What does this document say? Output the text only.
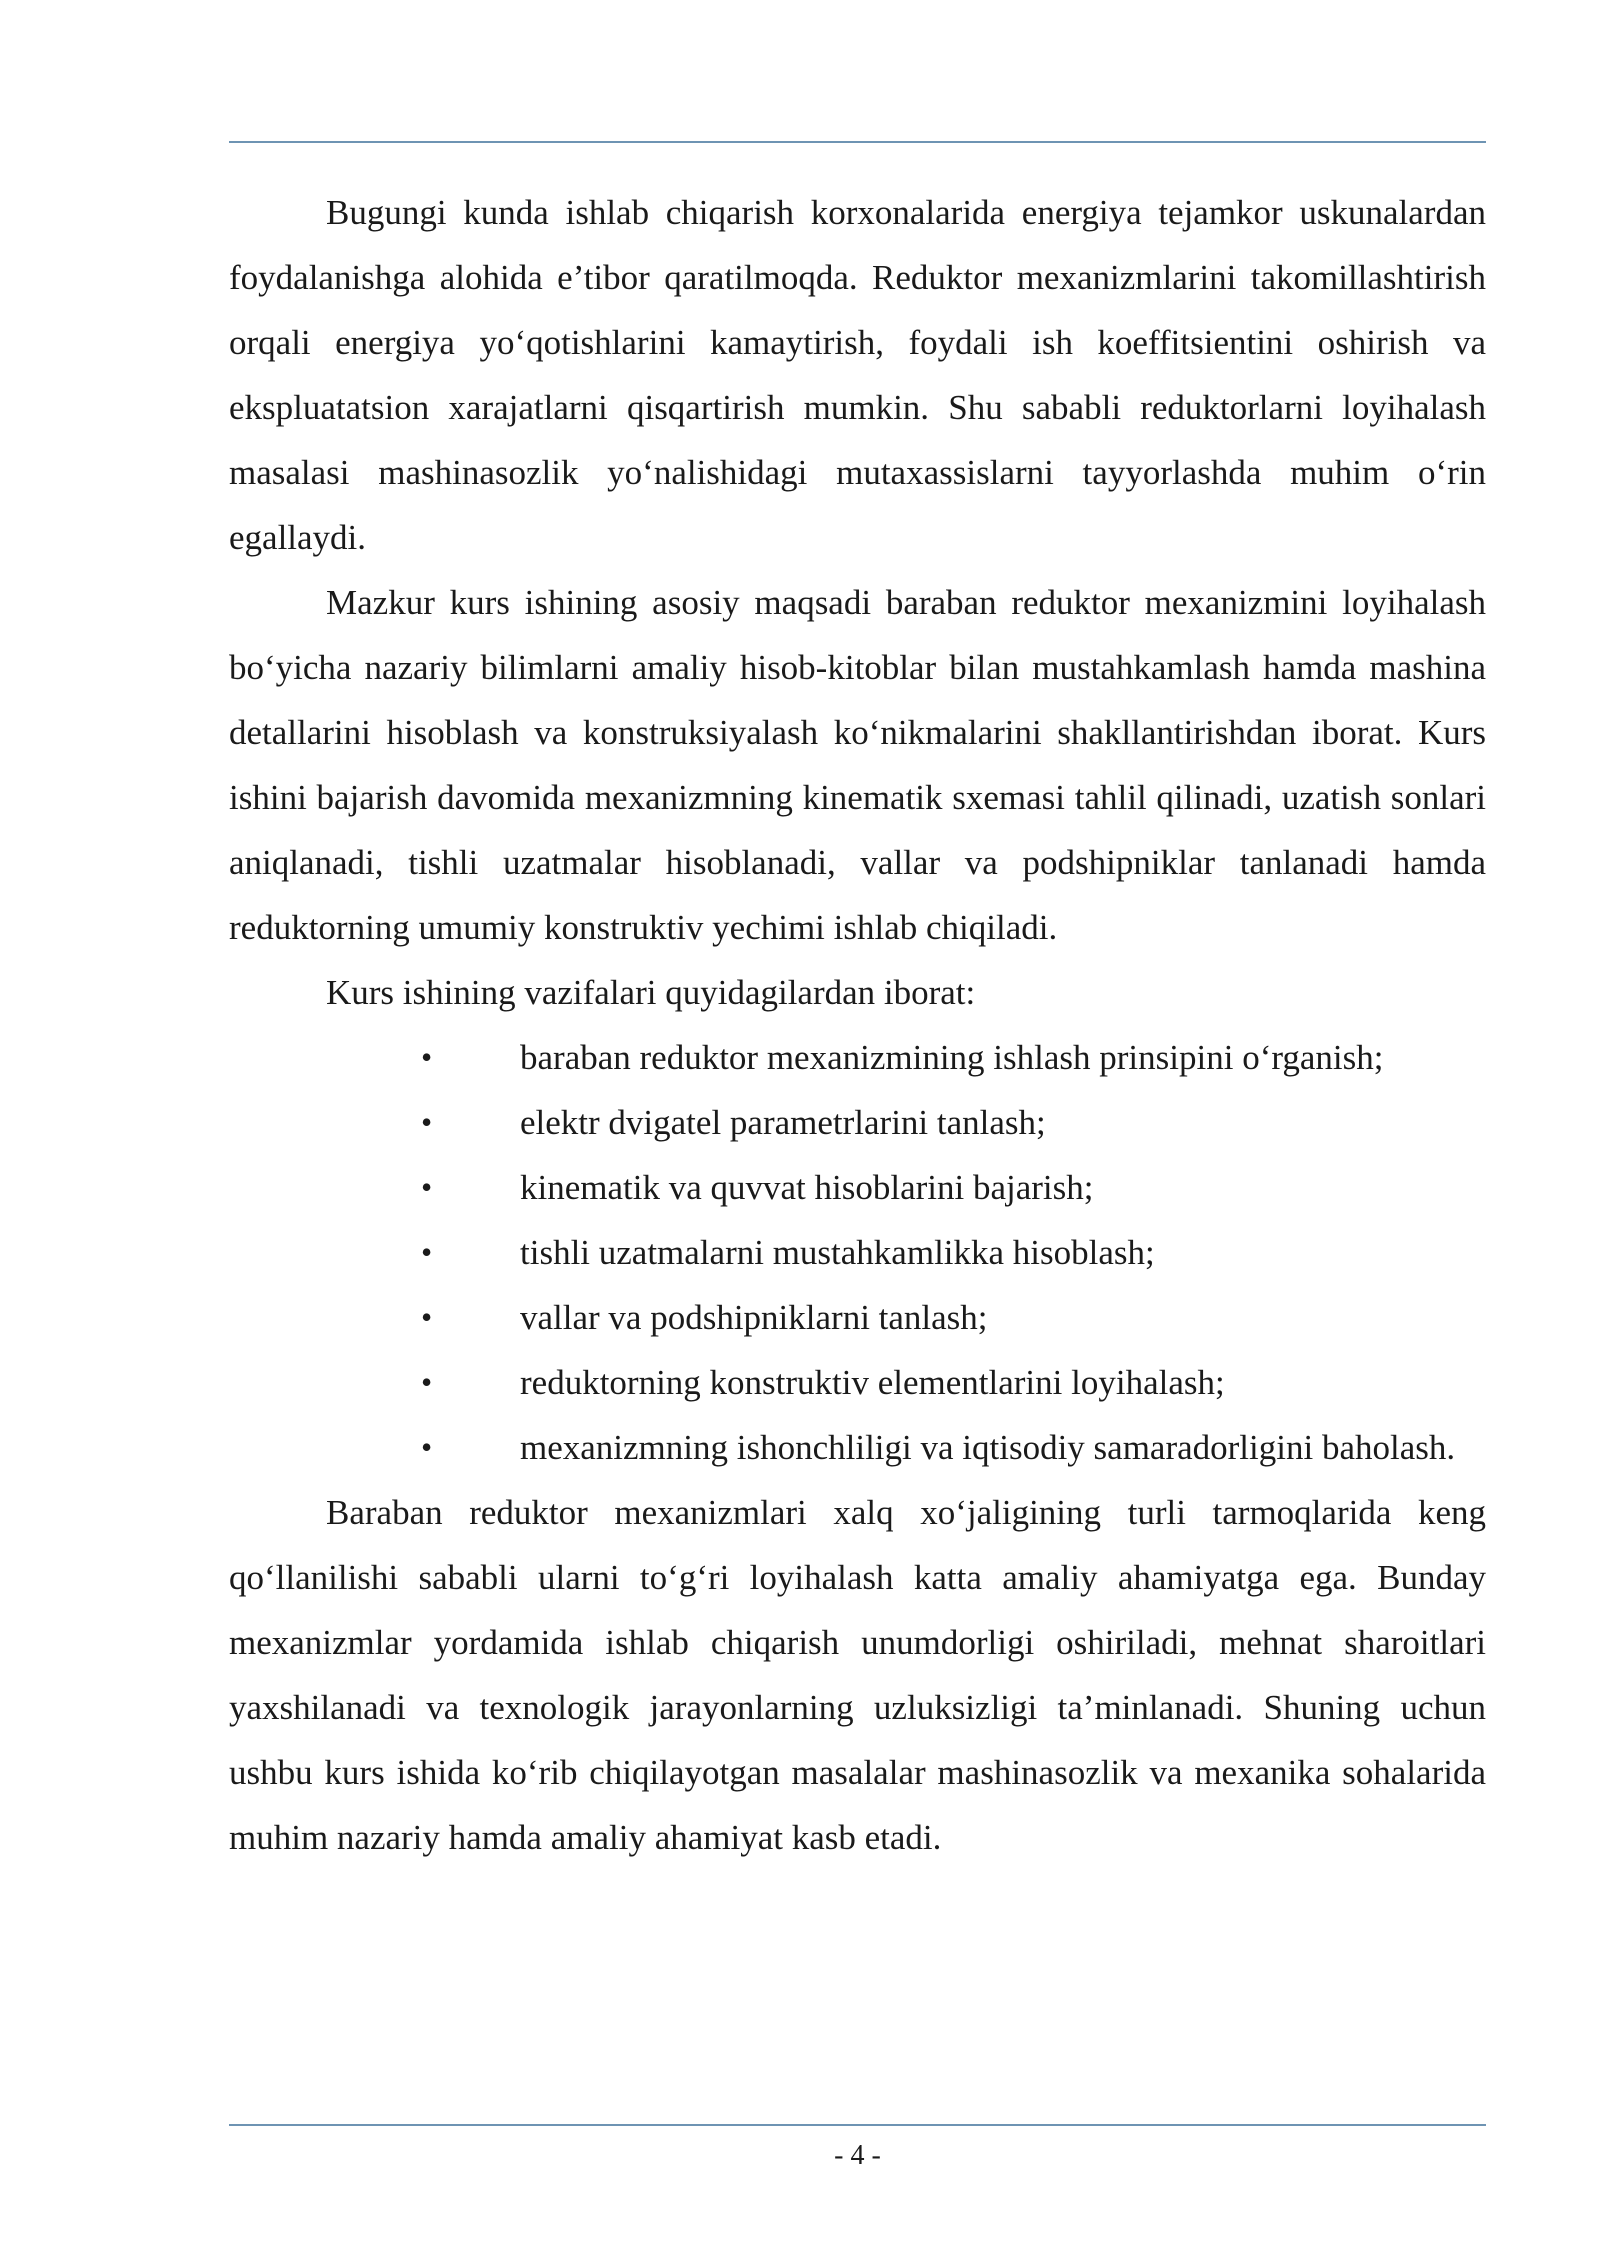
Bugungi kunda ishlab chiqarish korxonalarida energiya tejamkor uskunalardan foydalanishga alohida e’tibor qaratilmoqda. Reduktor mexanizmlarini takomillashtirish orqali energiya yo‘qotishlarini kamaytirish, foydali ish koeffitsientini oshirish va ekspluatatsion xarajatlarni qisqartirish mumkin. Shu sababli reduktorlarni loyihalash masalasi mashinasozlik yo‘nalishidagi mutaxassislarni tayyorlashda muhim o‘rin egallaydi.

Mazkur kurs ishining asosiy maqsadi baraban reduktor mexanizmini loyihalash bo‘yicha nazariy bilimlarni amaliy hisob-kitoblar bilan mustahkamlash hamda mashina detallarini hisoblash va konstruksiyalash ko‘nikmalarini shakllantirishdan iborat. Kurs ishini bajarish davomida mexanizmning kinematik sxemasi tahlil qilinadi, uzatish sonlari aniqlanadi, tishli uzatmalar hisoblanadi, vallar va podshipniklar tanlanadi hamda reduktorning umumiy konstruktiv yechimi ishlab chiqiladi.

Kurs ishining vazifalari quyidagilardan iborat:

•	baraban reduktor mexanizmining ishlash prinsipini o‘rganish;
•	elektr dvigatel parametrlarini tanlash;
•	kinematik va quvvat hisoblarini bajarish;
•	tishli uzatmalarni mustahkamlikka hisoblash;
•	vallar va podshipniklarni tanlash;
•	reduktorning konstruktiv elementlarini loyihalash;
•	mexanizmning ishonchliligi va iqtisodiy samaradorligini baholash.

Baraban reduktor mexanizmlari xalq xo‘jaligining turli tarmoqlarida keng qo‘llanilishi sababli ularni to‘g‘ri loyihalash katta amaliy ahamiyatga ega. Bunday mexanizmlar yordamida ishlab chiqarish unumdorligi oshiriladi, mehnat sharoitlari yaxshilanadi va texnologik jarayonlarning uzluksizligi ta’minlanadi. Shuning uchun ushbu kurs ishida ko‘rib chiqilayotgan masalalar mashinasozlik va mexanika sohalarida muhim nazariy hamda amaliy ahamiyat kasb etadi.

- 4 -
